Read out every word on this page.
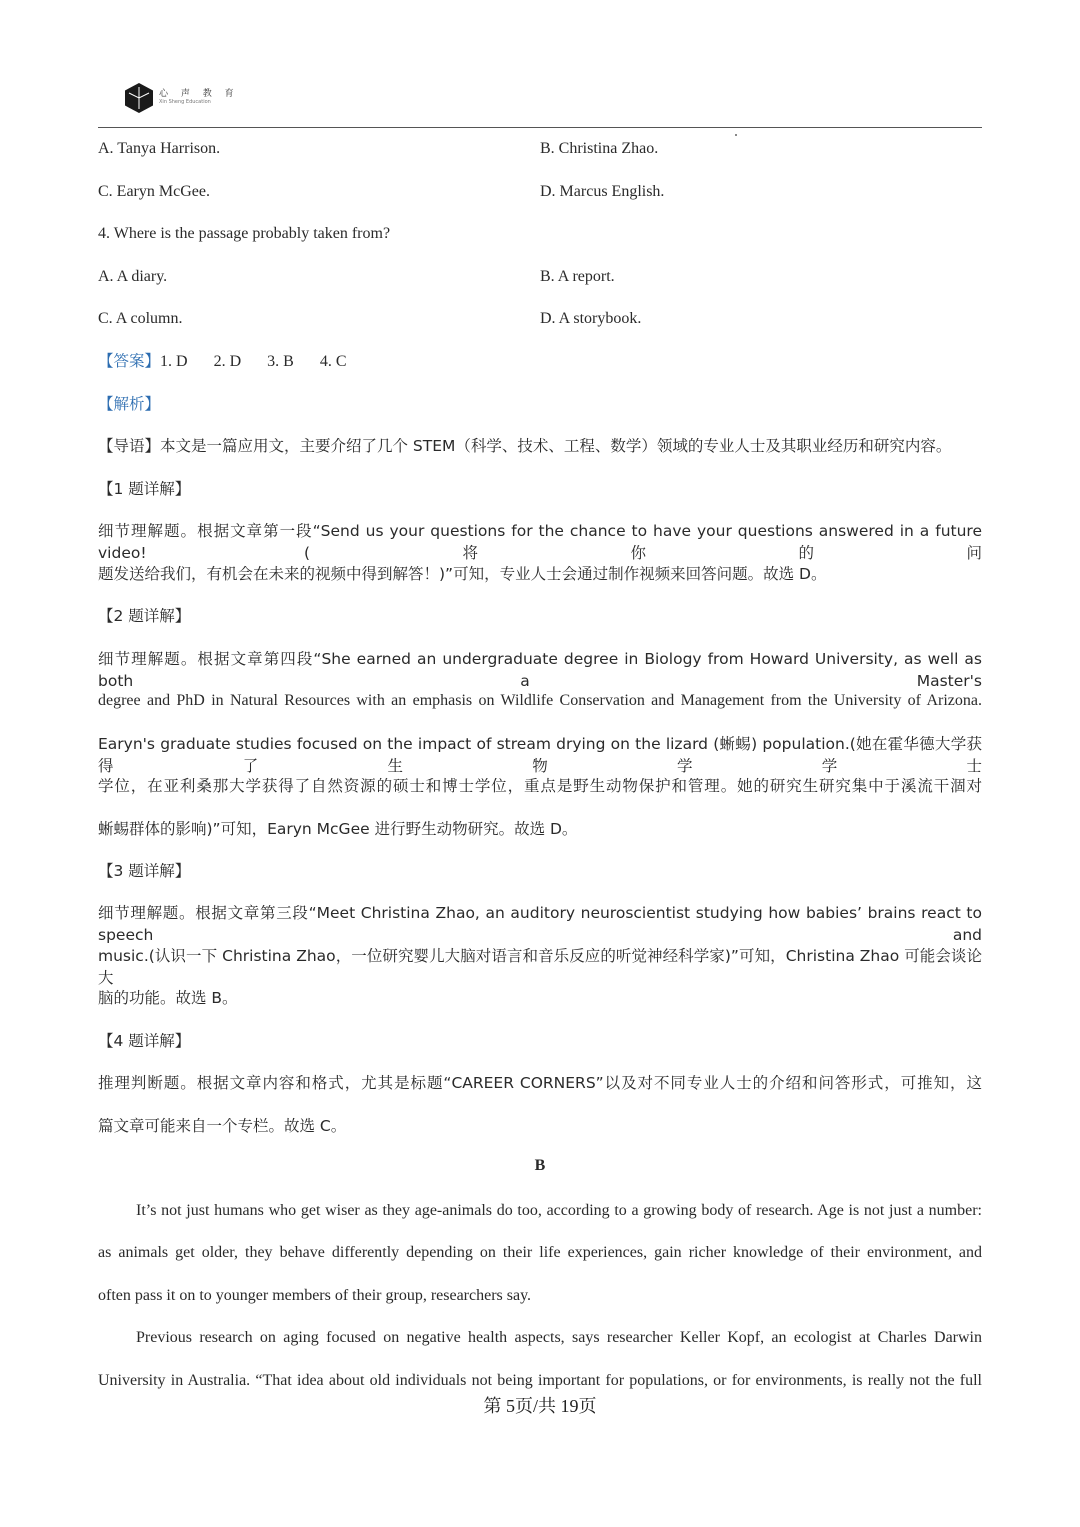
心 声 教 育
Xin Sheng Education
A. Tanya Harrison.	B. Christina Zhao.
C. Earyn McGee.	D. Marcus English.
4. Where is the passage probably taken from?
A. A diary.	B. A report.
C. A column.	D. A storybook.
【答案】1. D 2. D 3. B 4. C
【解析】
【导语】本文是一篇应用文，主要介绍了几个 STEM（科学、技术、工程、数学）领域的专业人士及其职业经历和研究内容。
【1 题详解】
细节理解题。根据文章第一段“Send us your questions for the chance to have your questions answered in a future video! (将你的问
题发送给我们，有机会在未来的视频中得到解答！)”可知，专业人士会通过制作视频来回答问题。故选 D。
【2 题详解】
细节理解题。根据文章第四段“She earned an undergraduate degree in Biology from Howard University, as well as both a Master's
degree and PhD in Natural Resources with an emphasis on Wildlife Conservation and Management from the University of Arizona.
Earyn's graduate studies focused on the impact of stream drying on the lizard (蜥蜴) population.(她在霍华德大学获得了生物学学士
学位，在亚利桑那大学获得了自然资源的硕士和博士学位，重点是野生动物保护和管理。她的研究生研究集中于溪流干涸对
蜥蜴群体的影响)”可知，Earyn McGee 进行野生动物研究。故选 D。
【3 题详解】
细节理解题。根据文章第三段“Meet Christina Zhao, an auditory neuroscientist studying how babies’ brains react to speech and
music.(认识一下 Christina Zhao，一位研究婴儿大脑对语言和音乐反应的听觉神经科学家)”可知，Christina Zhao 可能会谈论大
脑的功能。故选 B。
【4 题详解】
推理判断题。根据文章内容和格式，尤其是标题“CAREER CORNERS”以及对不同专业人士的介绍和问答形式，可推知，这
篇文章可能来自一个专栏。故选 C。
B
It’s not just humans who get wiser as they age-animals do too, according to a growing body of research. Age is not just a number:
as animals get older, they behave differently depending on their life experiences, gain richer knowledge of their environment, and
often pass it on to younger members of their group, researchers say.
Previous research on aging focused on negative health aspects, says researcher Keller Kopf, an ecologist at Charles Darwin
University in Australia. “That idea about old individuals not being important for populations, or for environments, is really not the full
第 5页/共 19页
